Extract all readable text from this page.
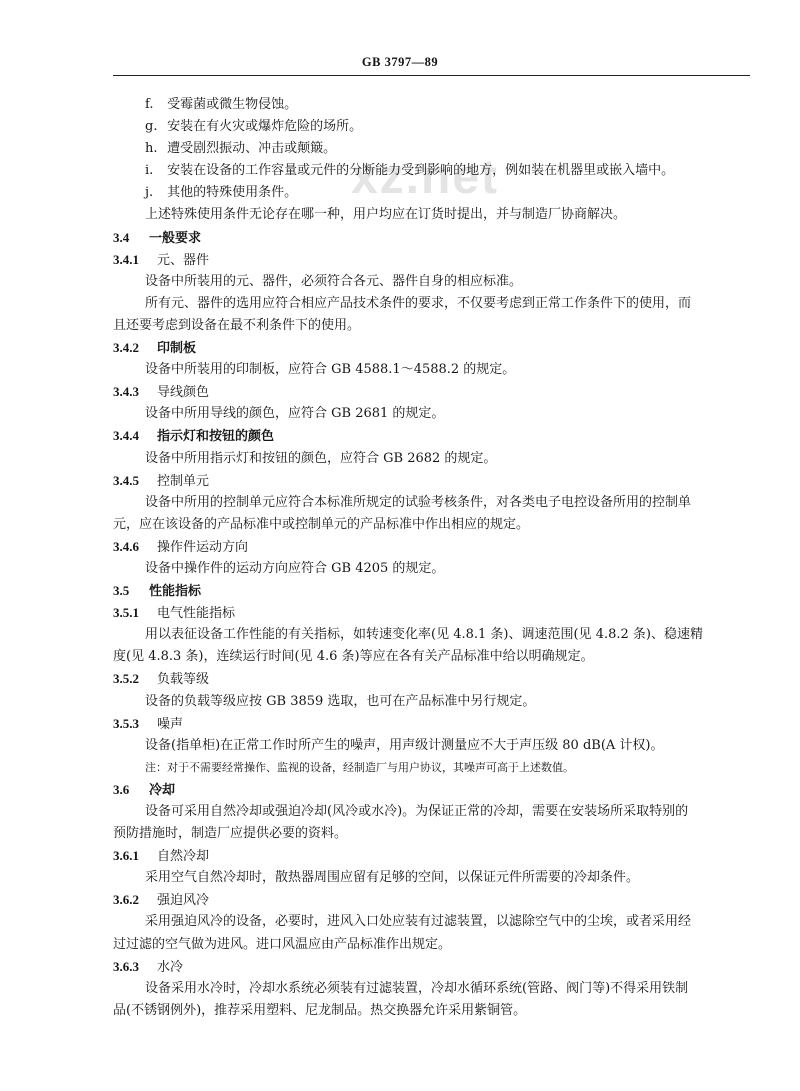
GB 3797—89
xz.net
f. 受霉菌或微生物侵蚀。
g. 安装在有火灾或爆炸危险的场所。
h. 遭受剧烈振动、冲击或颠簸。
i. 安装在设备的工作容量或元件的分断能力受到影响的地方，例如装在机器里或嵌入墙中。
j. 其他的特殊使用条件。
上述特殊使用条件无论存在哪一种，用户均应在订货时提出，并与制造厂协商解决。
3.4 一般要求
3.4.1 元、器件
设备中所装用的元、器件，必须符合各元、器件自身的相应标准。
所有元、器件的选用应符合相应产品技术条件的要求，不仅要考虑到正常工作条件下的使用，而
且还要考虑到设备在最不利条件下的使用。
3.4.2 印制板
设备中所装用的印制板，应符合 GB 4588.1～4588.2 的规定。
3.4.3 导线颜色
设备中所用导线的颜色，应符合 GB 2681 的规定。
3.4.4 指示灯和按钮的颜色
设备中所用指示灯和按钮的颜色，应符合 GB 2682 的规定。
3.4.5 控制单元
设备中所用的控制单元应符合本标准所规定的试验考核条件，对各类电子电控设备所用的控制单
元，应在该设备的产品标准中或控制单元的产品标准中作出相应的规定。
3.4.6 操作件运动方向
设备中操作件的运动方向应符合 GB 4205 的规定。
3.5 性能指标
3.5.1 电气性能指标
用以表征设备工作性能的有关指标，如转速变化率(见 4.8.1 条)、调速范围(见 4.8.2 条)、稳速精
度(见 4.8.3 条)，连续运行时间(见 4.6 条)等应在各有关产品标准中给以明确规定。
3.5.2 负载等级
设备的负载等级应按 GB 3859 选取，也可在产品标准中另行规定。
3.5.3 噪声
设备(指单柜)在正常工作时所产生的噪声，用声级计测量应不大于声压级 80 dB(A 计权)。
注：对于不需要经常操作、监视的设备，经制造厂与用户协议，其噪声可高于上述数值。
3.6 冷却
设备可采用自然冷却或强迫冷却(风冷或水冷)。为保证正常的冷却，需要在安装场所采取特别的
预防措施时，制造厂应提供必要的资料。
3.6.1 自然冷却
采用空气自然冷却时，散热器周围应留有足够的空间，以保证元件所需要的冷却条件。
3.6.2 强迫风冷
采用强迫风冷的设备，必要时，进风入口处应装有过滤装置，以滤除空气中的尘埃，或者采用经
过过滤的空气做为进风。进口风温应由产品标准作出规定。
3.6.3 水冷
设备采用水冷时，冷却水系统必须装有过滤装置，冷却水循环系统(管路、阀门等)不得采用铁制
品(不锈钢例外)，推荐采用塑料、尼龙制品。热交换器允许采用紫铜管。
